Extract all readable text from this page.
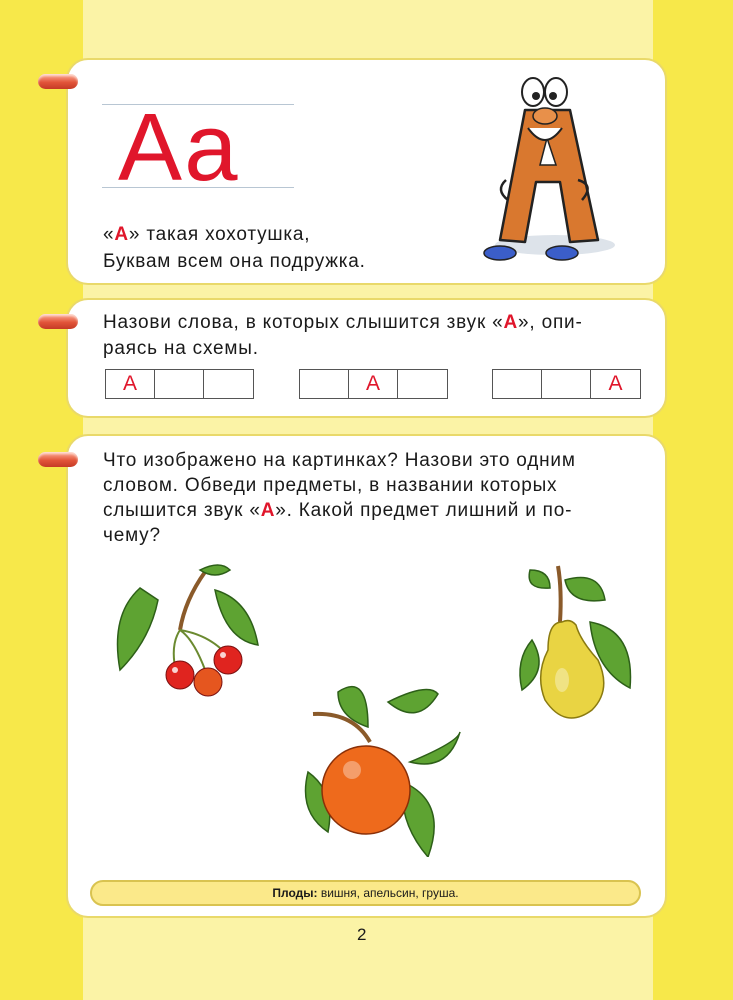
Аа
«А» такая хохотушка,
Буквам всем она подружка.
Назови слова, в которых слышится звук «А», опи-
раясь на схемы.
А	А	А
Что изображено на картинках? Назови это одним
словом. Обведи предметы, в названии которых
слышится звук «А». Какой предмет лишний и по-
чему?
Плоды: вишня, апельсин, груша.
2
